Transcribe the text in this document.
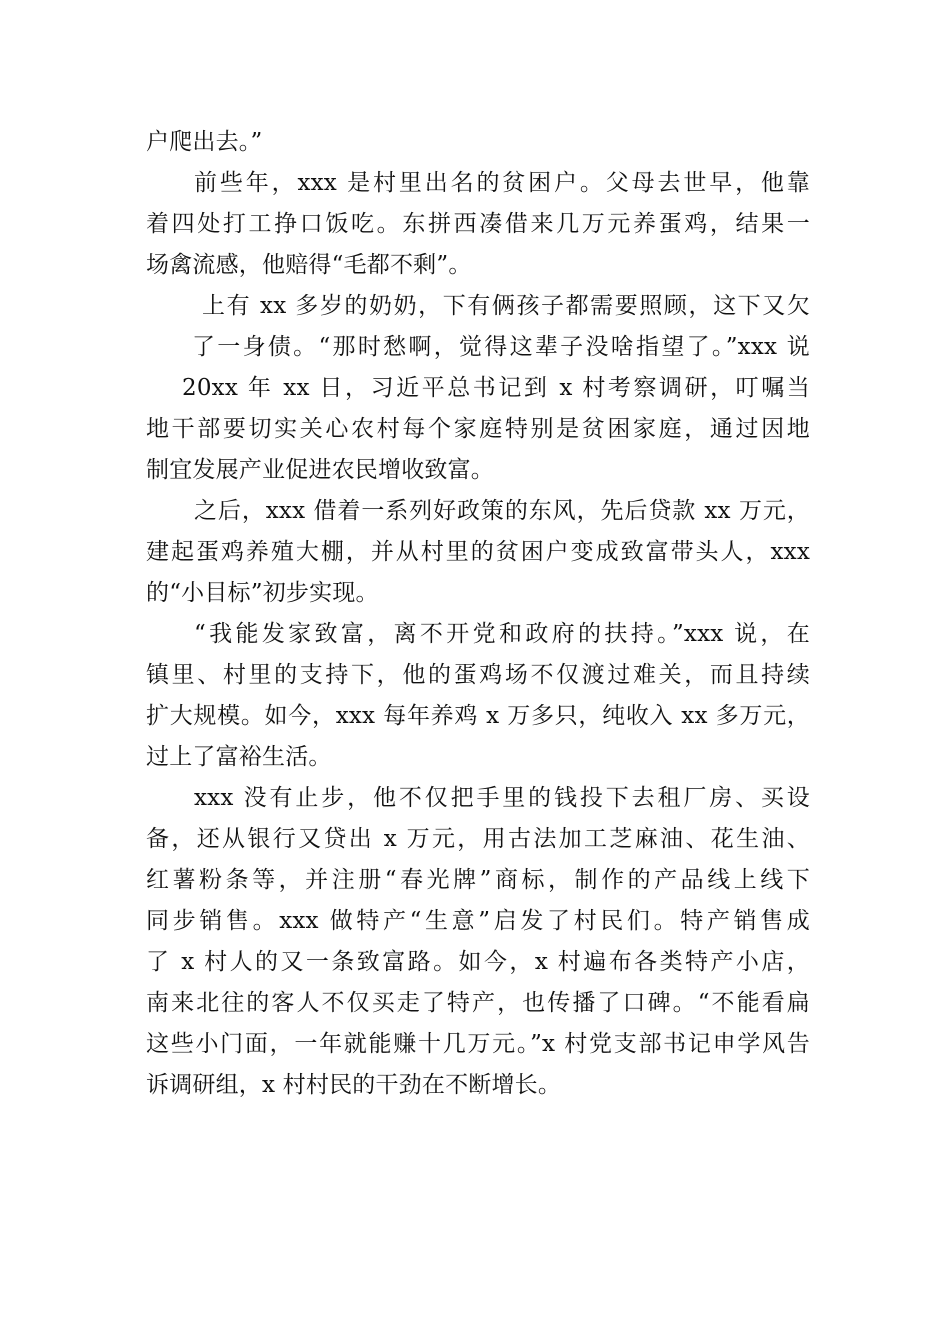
户爬出去。”
前些年，xxx 是村里出名的贫困户。父母去世早，他靠
着四处打工挣口饭吃。东拼西凑借来几万元养蛋鸡，结果一
场禽流感，他赔得“毛都不剩”。
上有 xx 多岁的奶奶，下有俩孩子都需要照顾，这下又欠
了一身债。“那时愁啊，觉得这辈子没啥指望了。”xxx 说
20xx 年 xx 日，习近平总书记到 x 村考察调研，叮嘱当
地干部要切实关心农村每个家庭特别是贫困家庭，通过因地
制宜发展产业促进农民增收致富。
之后，xxx 借着一系列好政策的东风，先后贷款 xx 万元，
建起蛋鸡养殖大棚，并从村里的贫困户变成致富带头人，xxx
的“小目标”初步实现。
“我能发家致富，离不开党和政府的扶持。”xxx 说，在
镇里、村里的支持下，他的蛋鸡场不仅渡过难关，而且持续
扩大规模。如今，xxx 每年养鸡 x 万多只，纯收入 xx 多万元，
过上了富裕生活。
xxx 没有止步，他不仅把手里的钱投下去租厂房、买设
备，还从银行又贷出 x 万元，用古法加工芝麻油、花生油、
红薯粉条等，并注册“春光牌”商标，制作的产品线上线下
同步销售。xxx 做特产“生意”启发了村民们。特产销售成
了 x 村人的又一条致富路。如今，x 村遍布各类特产小店，
南来北往的客人不仅买走了特产，也传播了口碑。“不能看扁
这些小门面，一年就能赚十几万元。”x 村党支部书记申学风告
诉调研组，x 村村民的干劲在不断增长。
